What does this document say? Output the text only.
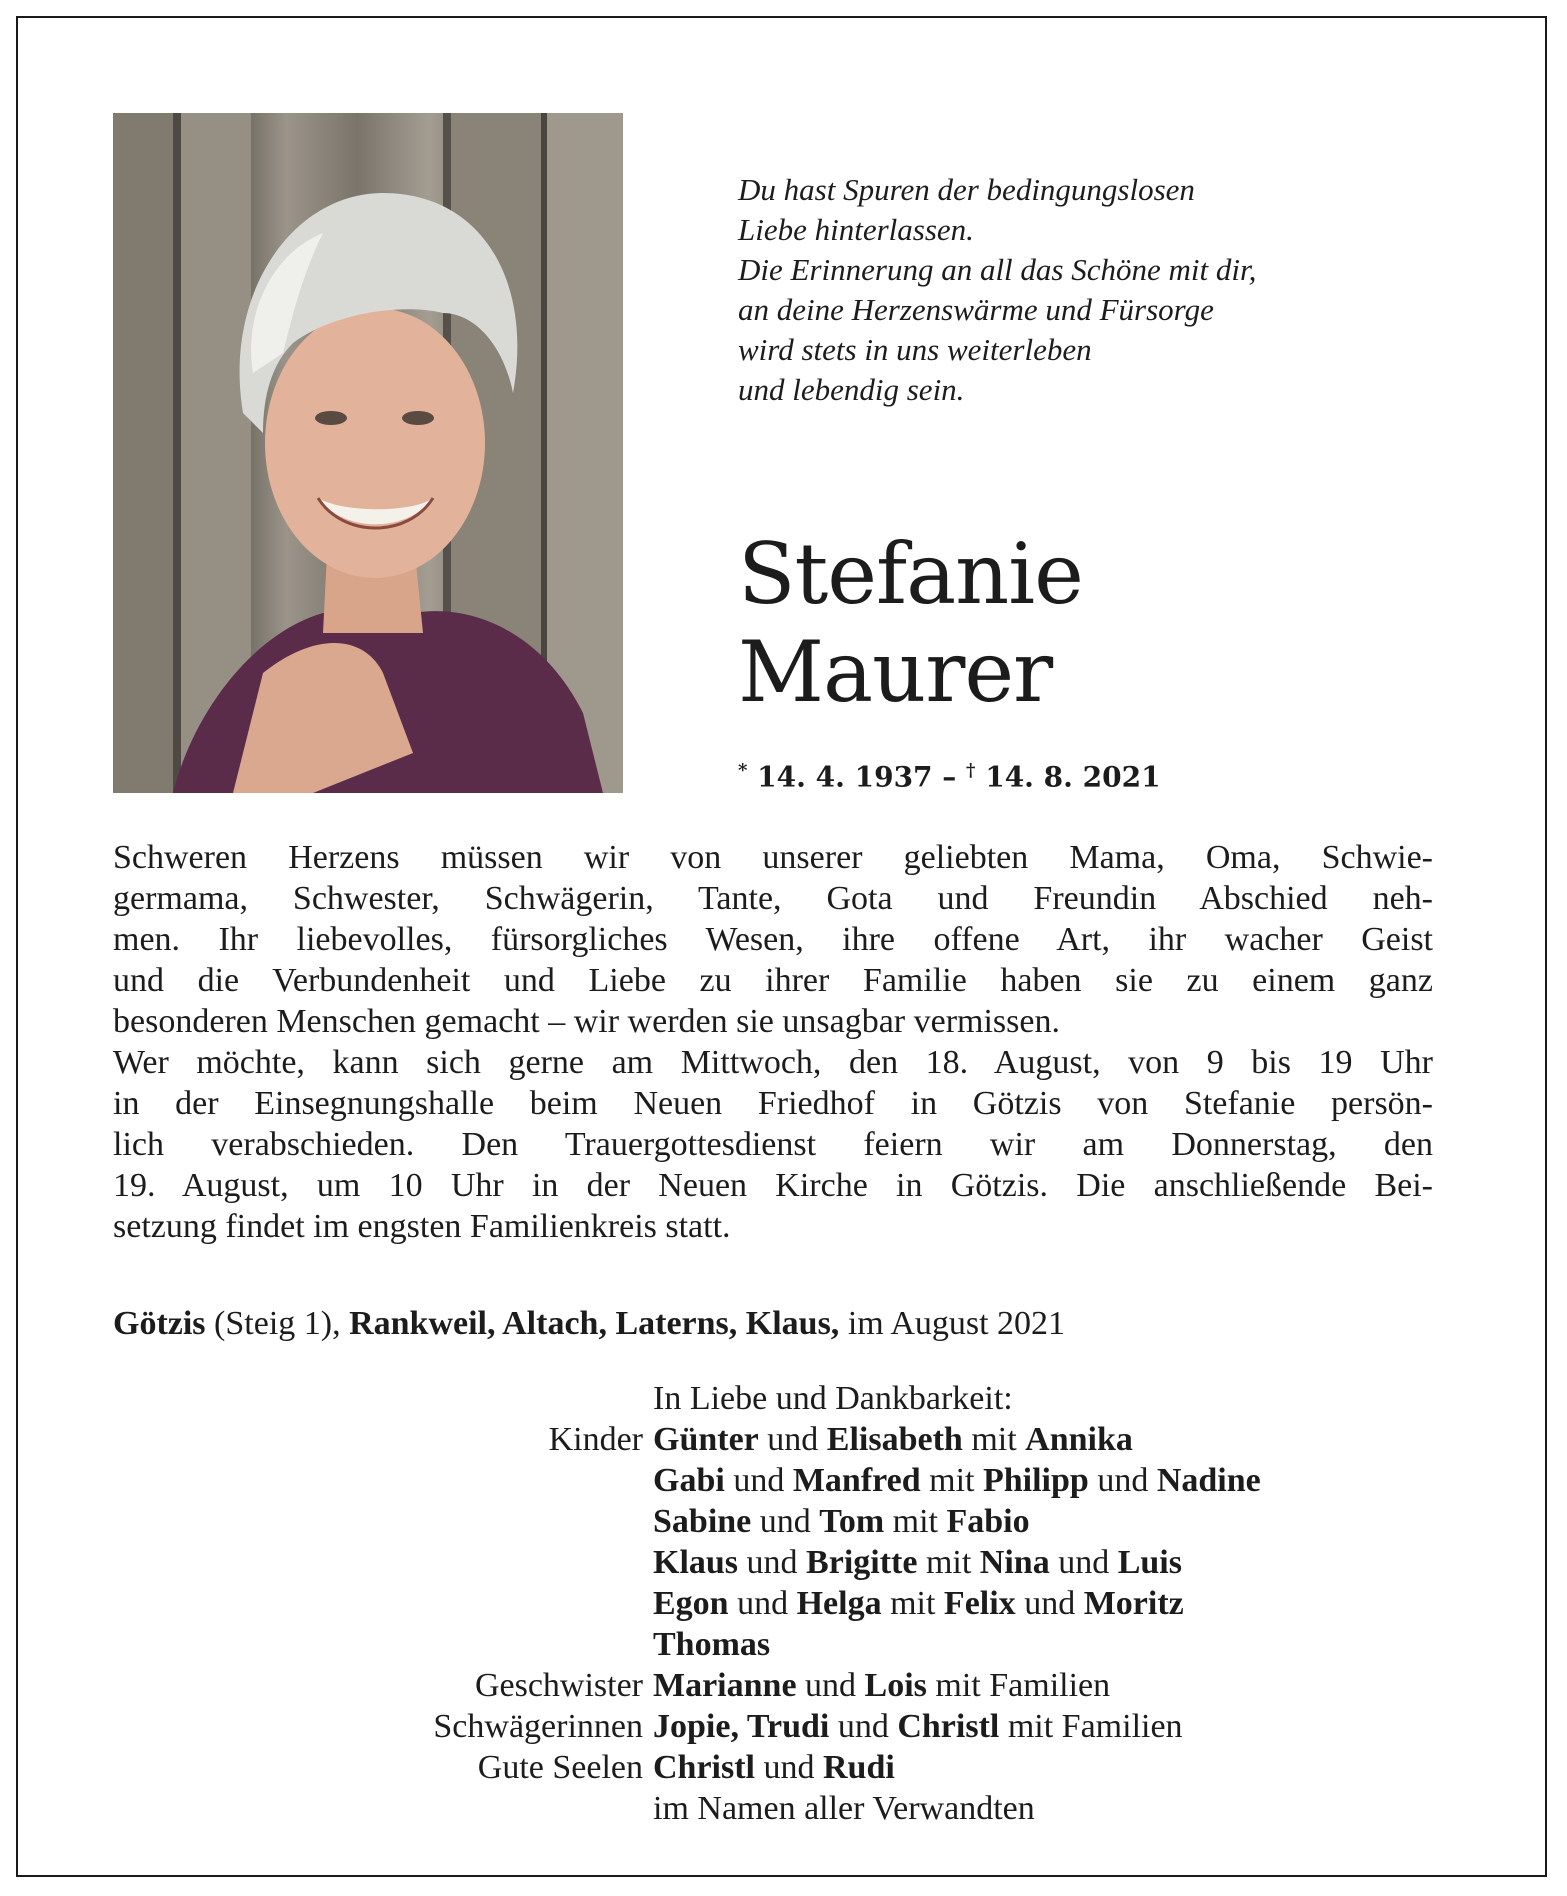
Du hast Spuren der bedingungslosen
Liebe hinterlassen.
Die Erinnerung an all das Schöne mit dir,
an deine Herzenswärme und Fürsorge
wird stets in uns weiterleben
und lebendig sein.
Stefanie
Maurer
* 14. 4. 1937 – † 14. 8. 2021
Schweren Herzens müssen wir von unserer geliebten Mama, Oma, Schwie-
germama, Schwester, Schwägerin, Tante, Gota und Freundin Abschied neh-
men. Ihr liebevolles, fürsorgliches Wesen, ihre offene Art, ihr wacher Geist
und die Verbundenheit und Liebe zu ihrer Familie haben sie zu einem ganz
besonderen Menschen gemacht – wir werden sie unsagbar vermissen.
Wer möchte, kann sich gerne am Mittwoch, den 18. August, von 9 bis 19 Uhr
in der Einsegnungshalle beim Neuen Friedhof in Götzis von Stefanie persön-
lich verabschieden. Den Trauergottesdienst feiern wir am Donnerstag, den
19. August, um 10 Uhr in der Neuen Kirche in Götzis. Die anschließende Bei-
setzung findet im engsten Familienkreis statt.
Götzis (Steig 1), Rankweil, Altach, Laterns, Klaus, im August 2021
In Liebe und Dankbarkeit:
Kinder Günter und Elisabeth mit Annika
Gabi und Manfred mit Philipp und Nadine
Sabine und Tom mit Fabio
Klaus und Brigitte mit Nina und Luis
Egon und Helga mit Felix und Moritz
Thomas
Geschwister Marianne und Lois mit Familien
Schwägerinnen Jopie, Trudi und Christl mit Familien
Gute Seelen Christl und Rudi
im Namen aller Verwandten
